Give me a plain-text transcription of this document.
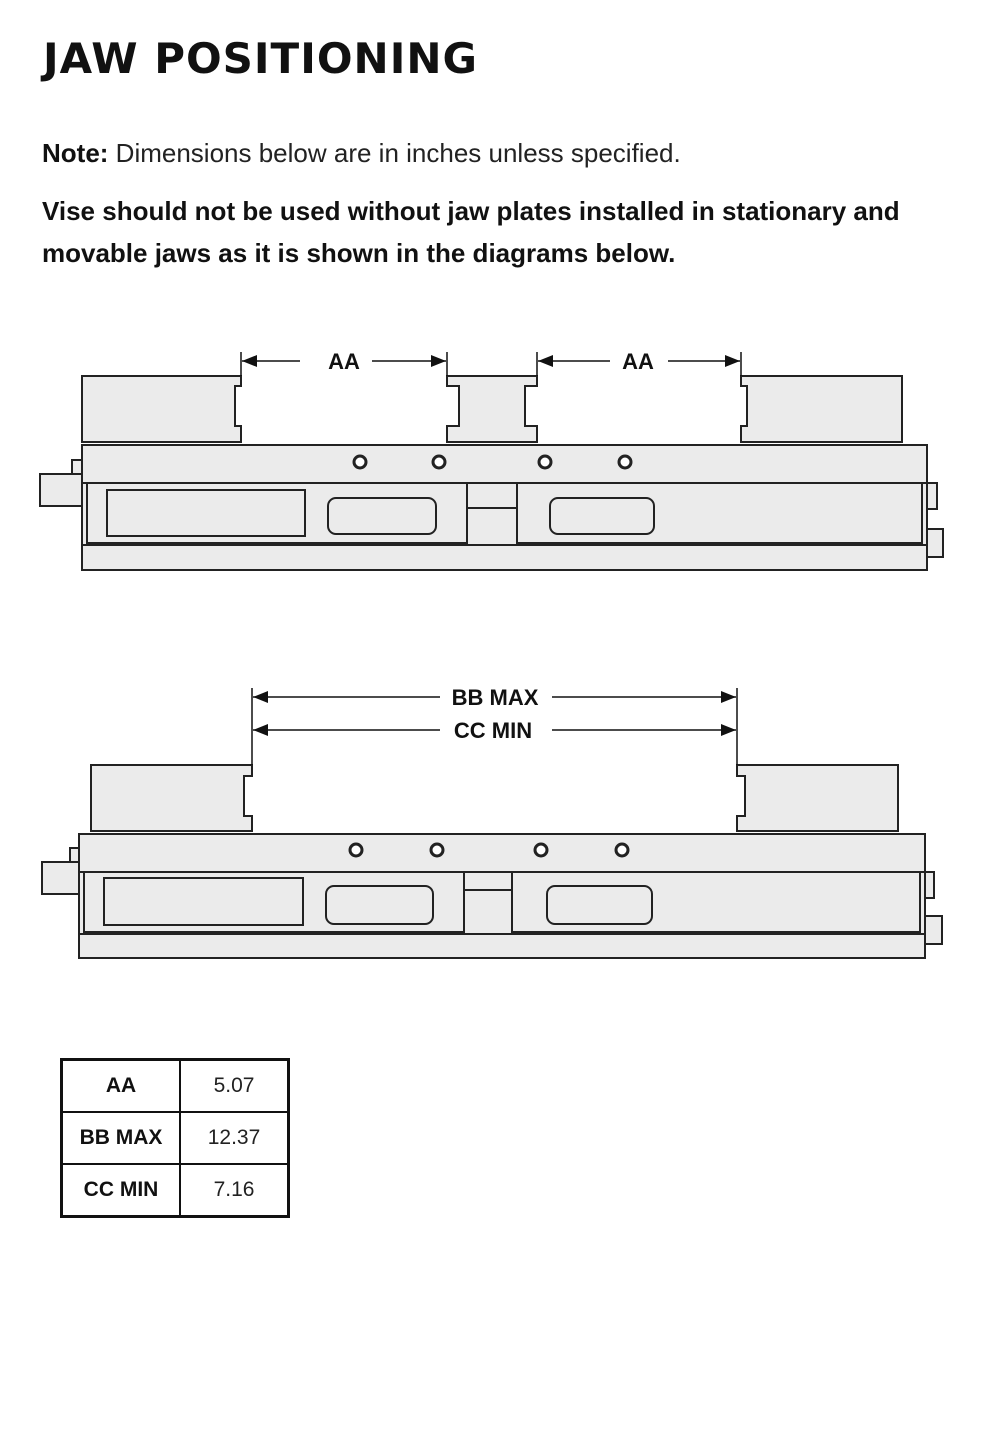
JAW POSITIONING
Note: Dimensions below are in inches unless specified.
Vise should not be used without jaw plates installed in stationary and movable jaws as it is shown in the diagrams below.
AA	AA
BB MAX
CC MIN
AA	5.07
BB MAX	12.37
CC MIN	7.16
